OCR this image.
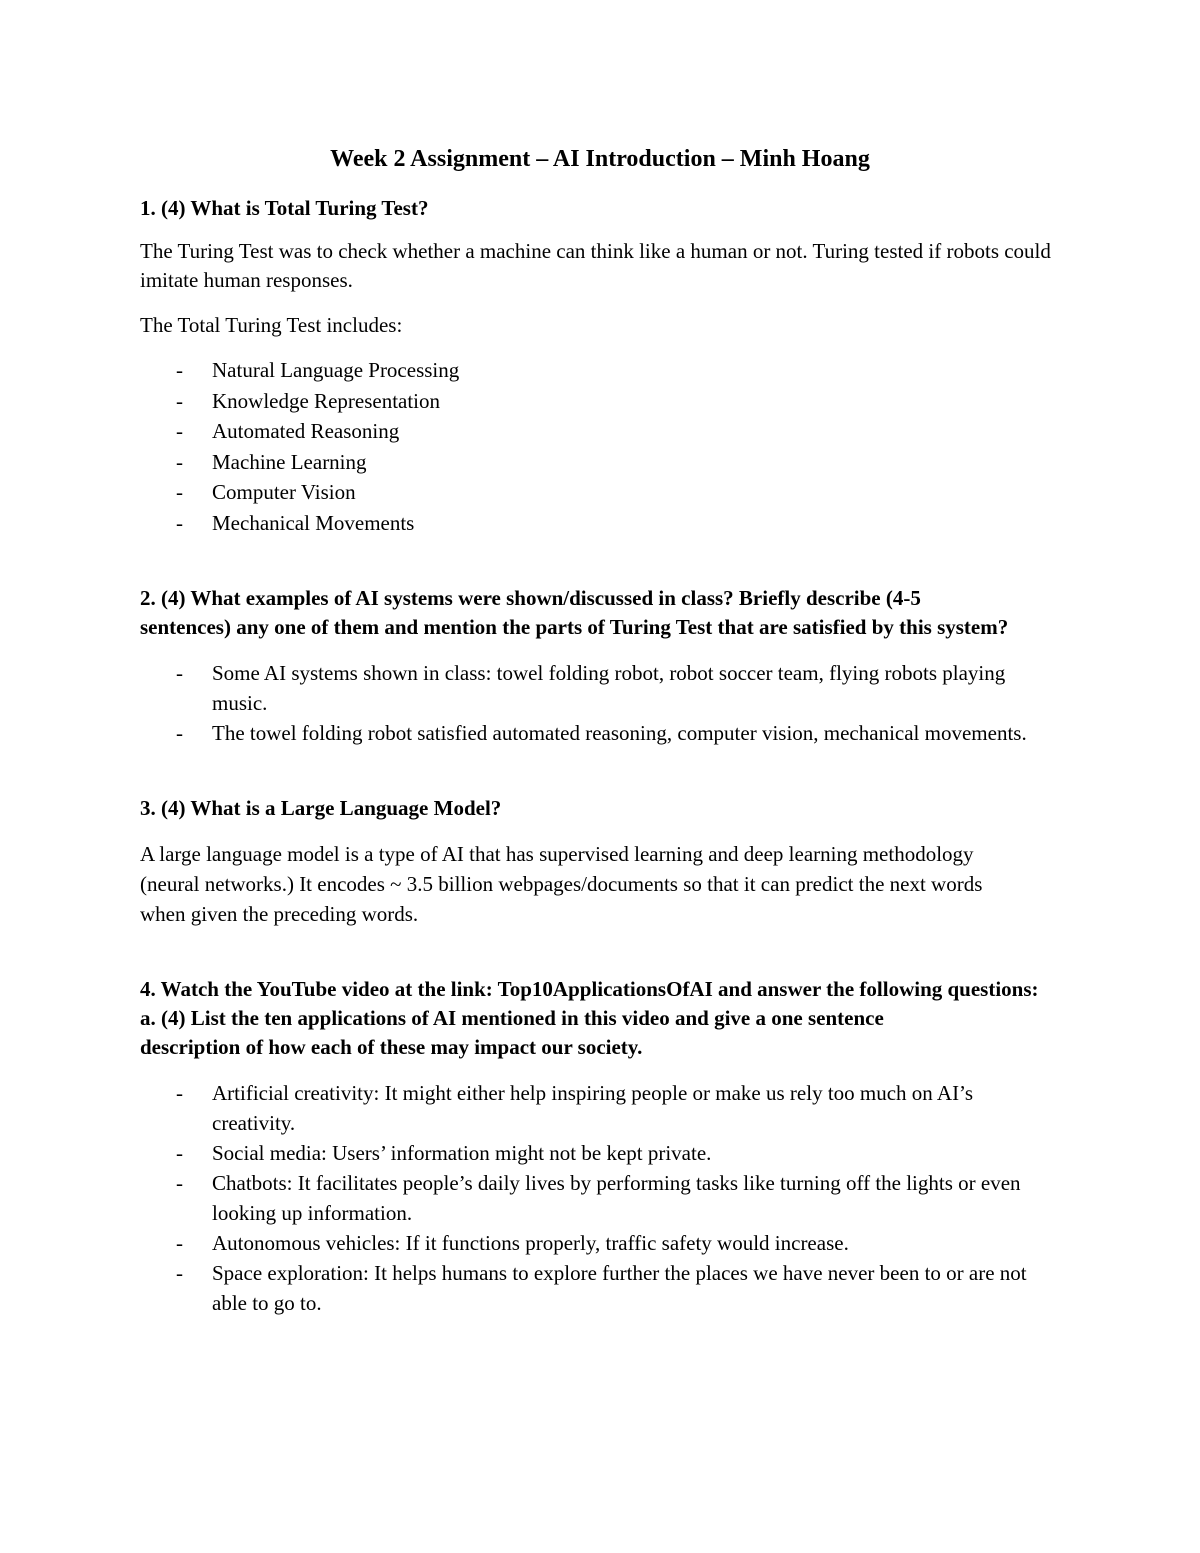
Week 2 Assignment – AI Introduction – Minh Hoang

1. (4) What is Total Turing Test?

The Turing Test was to check whether a machine can think like a human or not. Turing tested if robots could imitate human responses.

The Total Turing Test includes:

- Natural Language Processing
- Knowledge Representation
- Automated Reasoning
- Machine Learning
- Computer Vision
- Mechanical Movements

2. (4) What examples of AI systems were shown/discussed in class? Briefly describe (4-5 sentences) any one of them and mention the parts of Turing Test that are satisfied by this system?

- Some AI systems shown in class: towel folding robot, robot soccer team, flying robots playing music.
- The towel folding robot satisfied automated reasoning, computer vision, mechanical movements.

3. (4) What is a Large Language Model?

A large language model is a type of AI that has supervised learning and deep learning methodology (neural networks.) It encodes ~ 3.5 billion webpages/documents so that it can predict the next words when given the preceding words.

4. Watch the YouTube video at the link: Top10ApplicationsOfAI and answer the following questions:

a. (4) List the ten applications of AI mentioned in this video and give a one sentence description of how each of these may impact our society.

- Artificial creativity: It might either help inspiring people or make us rely too much on AI’s creativity.
- Social media: Users’ information might not be kept private.
- Chatbots: It facilitates people’s daily lives by performing tasks like turning off the lights or even looking up information.
- Autonomous vehicles: If it functions properly, traffic safety would increase.
- Space exploration: It helps humans to explore further the places we have never been to or are not able to go to.
